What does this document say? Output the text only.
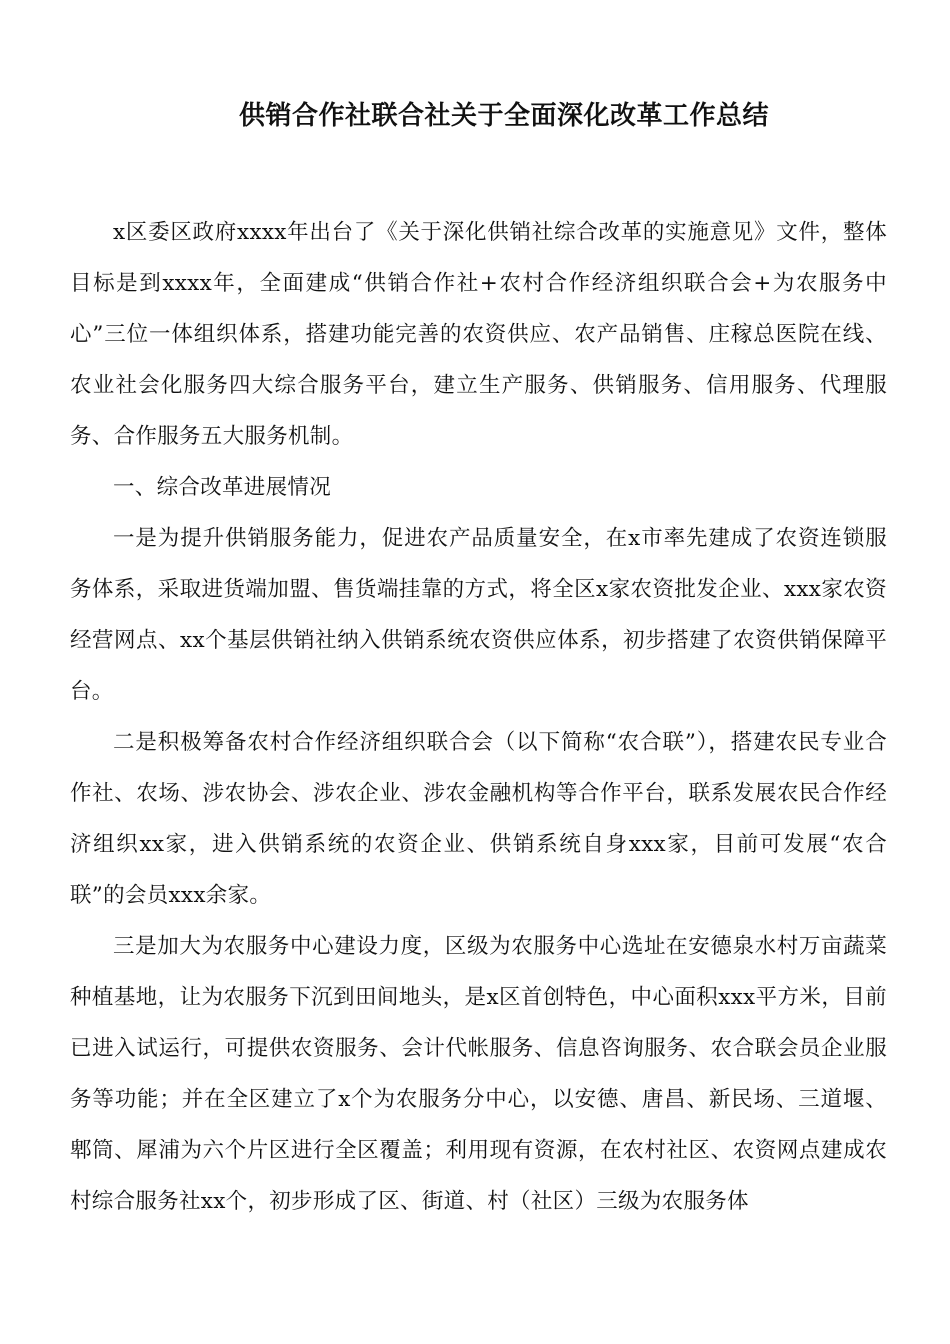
供销合作社联合社关于全面深化改革工作总结

x区委区政府xxxx年出台了《关于深化供销社综合改革的实施意见》文件，整体目标是到xxxx年，全面建成“供销合作社+农村合作经济组织联合会+为农服务中心”三位一体组织体系，搭建功能完善的农资供应、农产品销售、庄稼总医院在线、农业社会化服务四大综合服务平台，建立生产服务、供销服务、信用服务、代理服务、合作服务五大服务机制。

一、综合改革进展情况

一是为提升供销服务能力，促进农产品质量安全，在x市率先建成了农资连锁服务体系，采取进货端加盟、售货端挂靠的方式，将全区x家农资批发企业、xxx家农资经营网点、xx个基层供销社纳入供销系统农资供应体系，初步搭建了农资供销保障平台。

二是积极筹备农村合作经济组织联合会（以下简称“农合联”），搭建农民专业合作社、农场、涉农协会、涉农企业、涉农金融机构等合作平台，联系发展农民合作经济组织xx家，进入供销系统的农资企业、供销系统自身xxx家，目前可发展“农合联”的会员xxx余家。

三是加大为农服务中心建设力度，区级为农服务中心选址在安德泉水村万亩蔬菜种植基地，让为农服务下沉到田间地头，是x区首创特色，中心面积xxx平方米，目前已进入试运行，可提供农资服务、会计代帐服务、信息咨询服务、农合联会员企业服务等功能；并在全区建立了x个为农服务分中心，以安德、唐昌、新民场、三道堰、郫筒、犀浦为六个片区进行全区覆盖；利用现有资源，在农村社区、农资网点建成农村综合服务社xx个，初步形成了区、街道、村（社区）三级为农服务体
